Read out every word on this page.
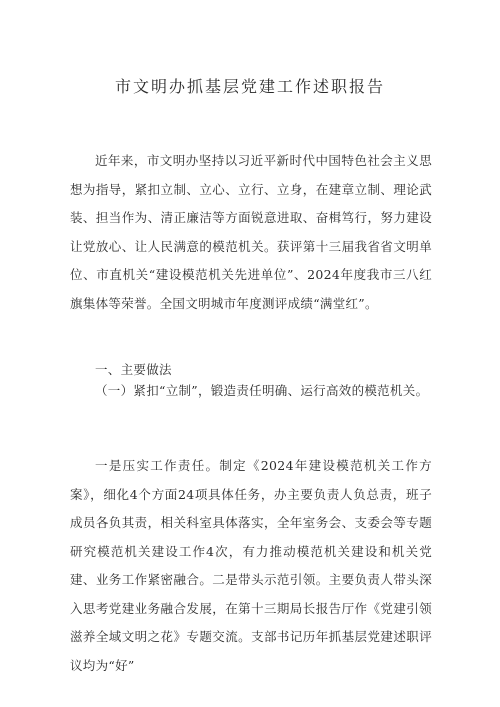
市文明办抓基层党建工作述职报告

近年来，市文明办坚持以习近平新时代中国特色社会主义思想为指导，紧扣立制、立心、立行、立身，在建章立制、理论武装、担当作为、清正廉洁等方面锐意进取、奋楫笃行，努力建设让党放心、让人民满意的模范机关。获评第十三届我省省文明单位、市直机关“建设模范机关先进单位”、2024年度我市三八红旗集体等荣誉。全国文明城市年度测评成绩“满堂红”。

一、主要做法

（一）紧扣“立制”，锻造责任明确、运行高效的模范机关。

一是压实工作责任。制定《2024年建设模范机关工作方案》，细化4个方面24项具体任务，办主要负责人负总责，班子成员各负其责，相关科室具体落实，全年室务会、支委会等专题研究模范机关建设工作4次，有力推动模范机关建设和机关党建、业务工作紧密融合。二是带头示范引领。主要负责人带头深入思考党建业务融合发展，在第十三期局长报告厅作《党建引领滋养全域文明之花》专题交流。支部书记历年抓基层党建述职评议均为“好”
